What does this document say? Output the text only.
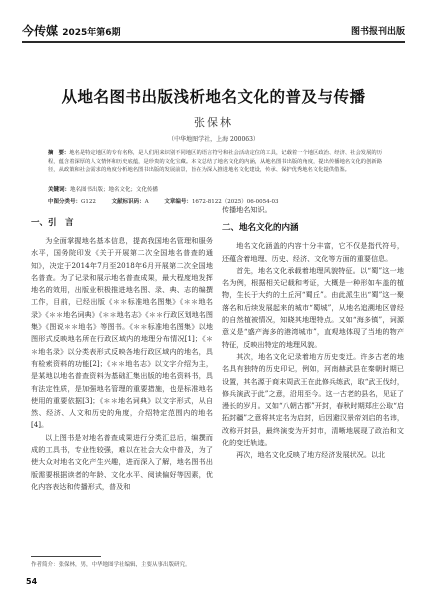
今传媒 2025年第6期	图书报刊出版
从地名图书出版浅析地名文化的普及与传播
张保林
（中华地图学社，上海 200063）
摘　要：地名是特定地区的专有名称，是人们用来识别不同地区的语言符号和社会活动定位的工具，记载着一个地区政治、经济、社会发展的历程，蕴含着深厚的人文情怀和历史底蕴，是珍贵的文化宝藏。本文总结了地名文化的内涵，从地名图书出版的角度，提出传播地名文化的创新路径，从政策和社会需求的角度分析地名图书出版的发展前景，旨在为深入推进地名文化建设，传承、保护优秀地名文化提供借鉴。
关键词：地名图书出版；地名文化；文化传播
中图分类号：G122	文献标识码：A	文章编号：1672-8122（2025）06-0054-03
一、引　言

为全面掌握地名基本信息，提高我国地名管理和服务水平，国务院印发《关于开展第二次全国地名普查的通知》，决定于2014年7月至2018年6月开展第二次全国地名普查。为了记录和展示地名普查成果，最大程度地发挥地名的效用，出版业积极推进地名图、录、典、志的编撰工作，目前，已经出版《＊＊标准地名图集》《＊＊地名录》《＊＊地名词典》《＊＊地名志》《＊＊行政区划地名图集》《图说＊＊地名》等图书。《＊＊标准地名图集》以地图形式反映地名所在行政区域内的地理分布情况[1]；《＊＊地名录》以分类表形式反映各地行政区域内的地名，具有检索资料的功能[2]；《＊＊地名志》以文字介绍为主，是某地以地名普查资料为基础汇集出版的地名资料书，具有法定性质，是加强地名管理的重要措施，也是标准地名使用的重要依据[3]；《＊＊地名词典》以文字形式，从自然、经济、人文和历史的角度，介绍特定范围内的地名[4]。

以上图书是对地名普查成果进行分类汇总后，编撰而成的工具书，专业性较强，难以在社会大众中普及，为了使大众对地名文化产生兴趣，进而深入了解，地名图书出版需要根据读者的年龄、文化水平、阅读偏好等因素，优化内容表达和传播形式，普及和

传播地名知识。

二、地名文化的内涵

地名文化涵盖的内容十分丰富，它不仅是指代符号，还蕴含着地理、历史、经济、文化等方面的重要信息。

首先，地名文化承载着地理风貌特征。以“蜀”这一地名为例，根据相关记载和考证，大概是一种形如车盖的植物，生长于大约的土丘河“蜀丘”。由此派生出“蜀”这一聚落名和后续发展起来的城市“蜀城”，从地名追溯地区曾经的自然植被情况，知晓其地理特点。又如“海多镇”，词源意义是“盛产海多的港湾城市”，直观地体现了当地的物产特征，反映出特定的地理风貌。

其次，地名文化记录着地方历史变迁。许多古老的地名具有独特的历史印记，例如，河南赫武县在秦朝时期已设置，其名源于商末周武王在此修兵练武，取“武王伐纣，修兵演武于此”之意，沿用至今。这一古老的县名，见证了漫长的岁月。又如“八朝古都”开封，春秋时期郑庄公取“启拓封疆”之意将其定名为启封，后因避汉景帝刘启的名讳，改称开封县，最终演变为开封市，清晰地展现了政治和文化的变迁轨迹。

再次，地名文化反映了地方经济发展状况。以北

作者简介：张保林，男，中华地图学社编辑，主要从事出版研究。
54
